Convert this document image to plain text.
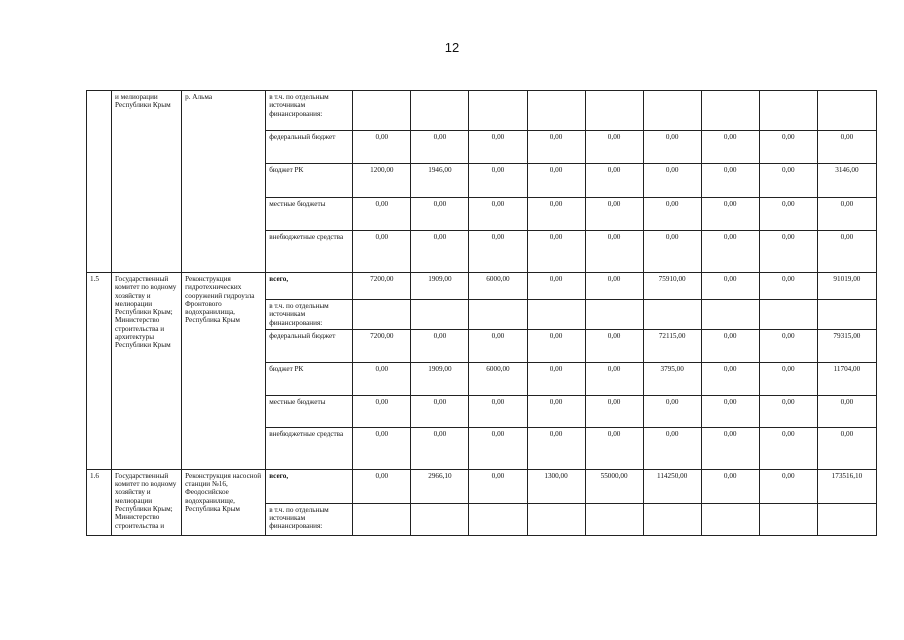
12
	и мелиорации Республики Крым	р. Альма	в т.ч. по отдельным источникам финансирования:									
			федеральный бюджет	0,00	0,00	0,00	0,00	0,00	0,00	0,00	0,00	0,00
			бюджет РК	1200,00	1946,00	0,00	0,00	0,00	0,00	0,00	0,00	3146,00
			местные бюджеты	0,00	0,00	0,00	0,00	0,00	0,00	0,00	0,00	0,00
			внебюджетные средства	0,00	0,00	0,00	0,00	0,00	0,00	0,00	0,00	0,00
1.5	Государственный комитет по водному хозяйству и мелиорации Республики Крым; Министерство строительства и архитектуры Республики Крым	Реконструкция гидротехнических сооружений гидроузла Фронтового водохранилища, Республика Крым	всего,	7200,00	1909,00	6000,00	0,00	0,00	75910,00	0,00	0,00	91019,00
			в т.ч. по отдельным источникам финансирования:									
			федеральный бюджет	7200,00	0,00	0,00	0,00	0,00	72115,00	0,00	0,00	79315,00
			бюджет РК	0,00	1909,00	6000,00	0,00	0,00	3795,00	0,00	0,00	11704,00
			местные бюджеты	0,00	0,00	0,00	0,00	0,00	0,00	0,00	0,00	0,00
			внебюджетные средства	0,00	0,00	0,00	0,00	0,00	0,00	0,00	0,00	0,00
1.6	Государственный комитет по водному хозяйству и мелиорации Республики Крым; Министерство строительства и	Реконструкция насосной станции №16, Феодосийское водохранилище, Республика Крым	всего,	0,00	2966,10	0,00	1300,00	55000,00	114250,00	0,00	0,00	173516,10
			в т.ч. по отдельным источникам финансирования:									
